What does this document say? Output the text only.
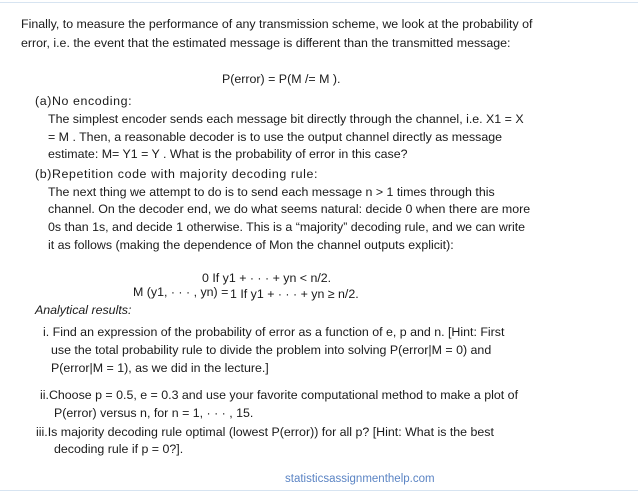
Finally, to measure the performance of any transmission scheme, we look at the probability of
error, i.e. the event that the estimated message is different than the transmitted message:
P(error) = P(M /= M ).
(a)No encoding:
The simplest encoder sends each message bit directly through the channel, i.e. X1 = X
= M . Then, a reasonable decoder is to use the output channel directly as message
estimate: M= Y1 = Y . What is the probability of error in this case?
(b)Repetition code with majority decoding rule:
The next thing we attempt to do is to send each message n > 1 times through this
channel. On the decoder end, we do what seems natural: decide 0 when there are more
0s than 1s, and decide 1 otherwise. This is a “majority” decoding rule, and we can write
it as follows (making the dependence of Mon the channel outputs explicit):
0 If y1 + · · · + yn < n/2.
M (y1, · · · , yn) = 1 If y1 + · · · + yn ≥ n/2.
Analytical results:
i. Find an expression of the probability of error as a function of e, p and n. [Hint: First
use the total probability rule to divide the problem into solving P(error|M = 0) and
P(error|M = 1), as we did in the lecture.]
ii.Choose p = 0.5, e = 0.3 and use your favorite computational method to make a plot of
P(error) versus n, for n = 1, · · · , 15.
iii.Is majority decoding rule optimal (lowest P(error)) for all p? [Hint: What is the best
decoding rule if p = 0?].
statisticsassignmenthelp.com
